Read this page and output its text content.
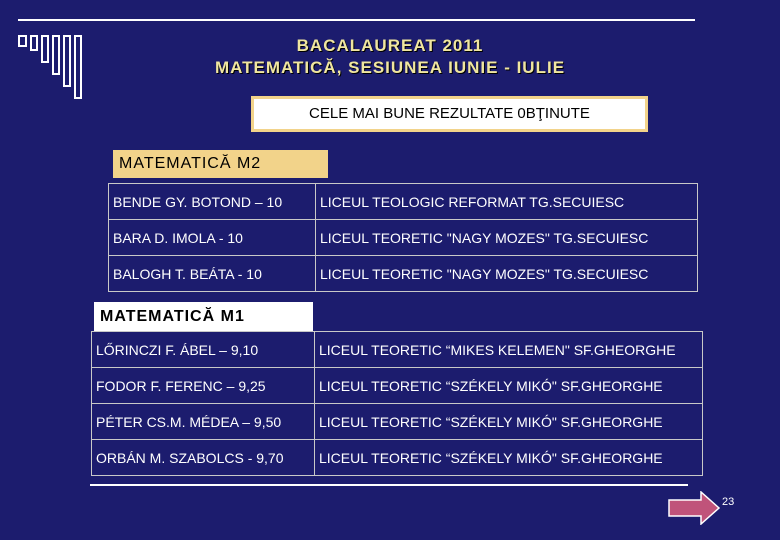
BACALAUREAT 2011
MATEMATICĂ, SESIUNEA IUNIE - IULIE
CELE MAI BUNE REZULTATE 0BŢINUTE
MATEMATICĂ M2
BENDE GY. BOTOND – 10	LICEUL TEOLOGIC REFORMAT TG.SECUIESC
BARA D. IMOLA - 10	LICEUL TEORETIC "NAGY MOZES" TG.SECUIESC
BALOGH T. BEÁTA - 10	LICEUL TEORETIC "NAGY MOZES" TG.SECUIESC
MATEMATICĂ M1
LŐRINCZI F. ÁBEL – 9,10	LICEUL TEORETIC “MIKES KELEMEN" SF.GHEORGHE
FODOR F. FERENC – 9,25	LICEUL TEORETIC “SZÉKELY MIKÓ" SF.GHEORGHE
PÉTER CS.M. MÉDEA – 9,50	LICEUL TEORETIC “SZÉKELY MIKÓ" SF.GHEORGHE
ORBÁN M. SZABOLCS - 9,70	LICEUL TEORETIC “SZÉKELY MIKÓ" SF.GHEORGHE
23
